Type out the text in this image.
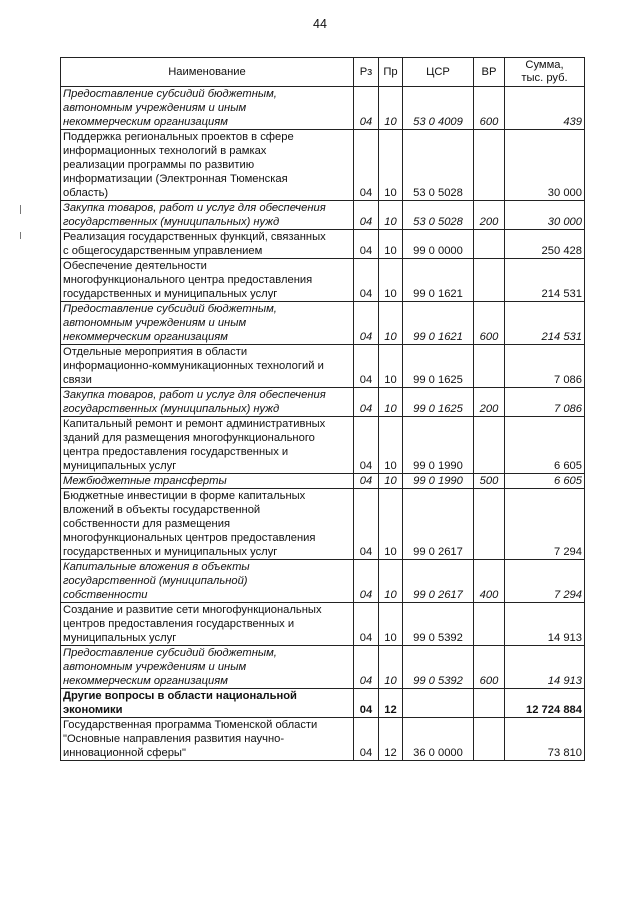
44
Наименование	Рз	Пр	ЦСР	ВР	Сумма,
тыс. руб.
Предоставление субсидий бюджетным,
автономным учреждениям и иным
некоммерческим организациям	04	10	53 0 4009	600	439
Поддержка региональных проектов в сфере
информационных технологий в рамках
реализации программы по развитию
информатизации (Электронная Тюменская
область)	04	10	53 0 5028		30 000
Закупка товаров, работ и услуг для обеспечения
государственных (муниципальных) нужд	04	10	53 0 5028	200	30 000
Реализация государственных функций, связанных
с общегосударственным управлением	04	10	99 0 0000		250 428
Обеспечение деятельности
многофункционального центра предоставления
государственных и муниципальных услуг	04	10	99 0 1621		214 531
Предоставление субсидий бюджетным,
автономным учреждениям и иным
некоммерческим организациям	04	10	99 0 1621	600	214 531
Отдельные мероприятия в области
информационно-коммуникационных технологий и
связи	04	10	99 0 1625		7 086
Закупка товаров, работ и услуг для обеспечения
государственных (муниципальных) нужд	04	10	99 0 1625	200	7 086
Капитальный ремонт и ремонт административных
зданий для размещения многофункционального
центра предоставления государственных и
муниципальных услуг	04	10	99 0 1990		6 605
Межбюджетные трансферты	04	10	99 0 1990	500	6 605
Бюджетные инвестиции в форме капитальных
вложений в объекты государственной
собственности для размещения
многофункциональных центров предоставления
государственных и муниципальных услуг	04	10	99 0 2617		7 294
Капитальные вложения в объекты
государственной (муниципальной)
собственности	04	10	99 0 2617	400	7 294
Создание и развитие сети многофункциональных
центров предоставления государственных и
муниципальных услуг	04	10	99 0 5392		14 913
Предоставление субсидий бюджетным,
автономным учреждениям и иным
некоммерческим организациям	04	10	99 0 5392	600	14 913
Другие вопросы в области национальной
экономики	04	12			12 724 884
Государственная программа Тюменской области
"Основные направления развития научно-
инновационной сферы"	04	12	36 0 0000		73 810
